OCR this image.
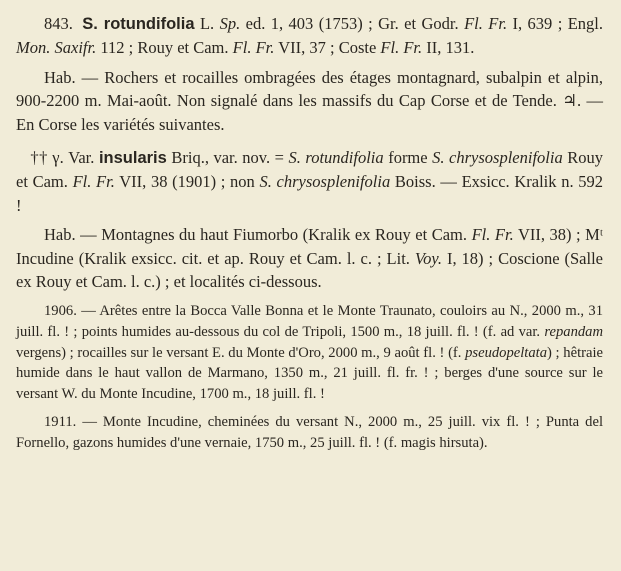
843. S. rotundifolia L. Sp. ed. 1, 403 (1753) ; Gr. et Godr. Fl. Fr. I, 639 ; Engl. Mon. Saxifr. 112 ; Rouy et Cam. Fl. Fr. VII, 37 ; Coste Fl. Fr. II, 131.

Hab. — Rochers et rocailles ombragées des étages montagnard, subalpin et alpin, 900-2200 m. Mai-août. Non signalé dans les massifs du Cap Corse et de Tende. ♃. — En Corse les variétés suivantes.

†† γ. Var. insularis Briq., var. nov. = S. rotundifolia forme S. chrysosplenifolia Rouy et Cam. Fl. Fr. VII, 38 (1901) ; non S. chrysosplenifolia Boiss. — Exsicc. Kralik n. 592 !

Hab. — Montagnes du haut Fiumorbo (Kralik ex Rouy et Cam. Fl. Fr. VII, 38) ; Mᵗ Incudine (Kralik exsicc. cit. et ap. Rouy et Cam. l. c. ; Lit. Voy. I, 18) ; Coscione (Salle ex Rouy et Cam. l. c.) ; et localités ci-dessous.

1906. — Arêtes entre la Bocca Valle Bonna et le Monte Traunato, couloirs au N., 2000 m., 31 juill. fl. ! ; points humides au-dessous du col de Tripoli, 1500 m., 18 juill. fl. ! (f. ad var. repandam vergens) ; rocailles sur le versant E. du Monte d'Oro, 2000 m., 9 août fl. ! (f. pseudopeltata) ; hêtraie humide dans le haut vallon de Marmano, 1350 m., 21 juill. fl. fr. ! ; berges d'une source sur le versant W. du Monte Incudine, 1700 m., 18 juill. fl. !

1911. — Monte Incudine, cheminées du versant N., 2000 m., 25 juill. vix fl. ! ; Punta del Fornello, gazons humides d'une vernaie, 1750 m., 25 juill. fl. ! (f. magis hirsuta).
